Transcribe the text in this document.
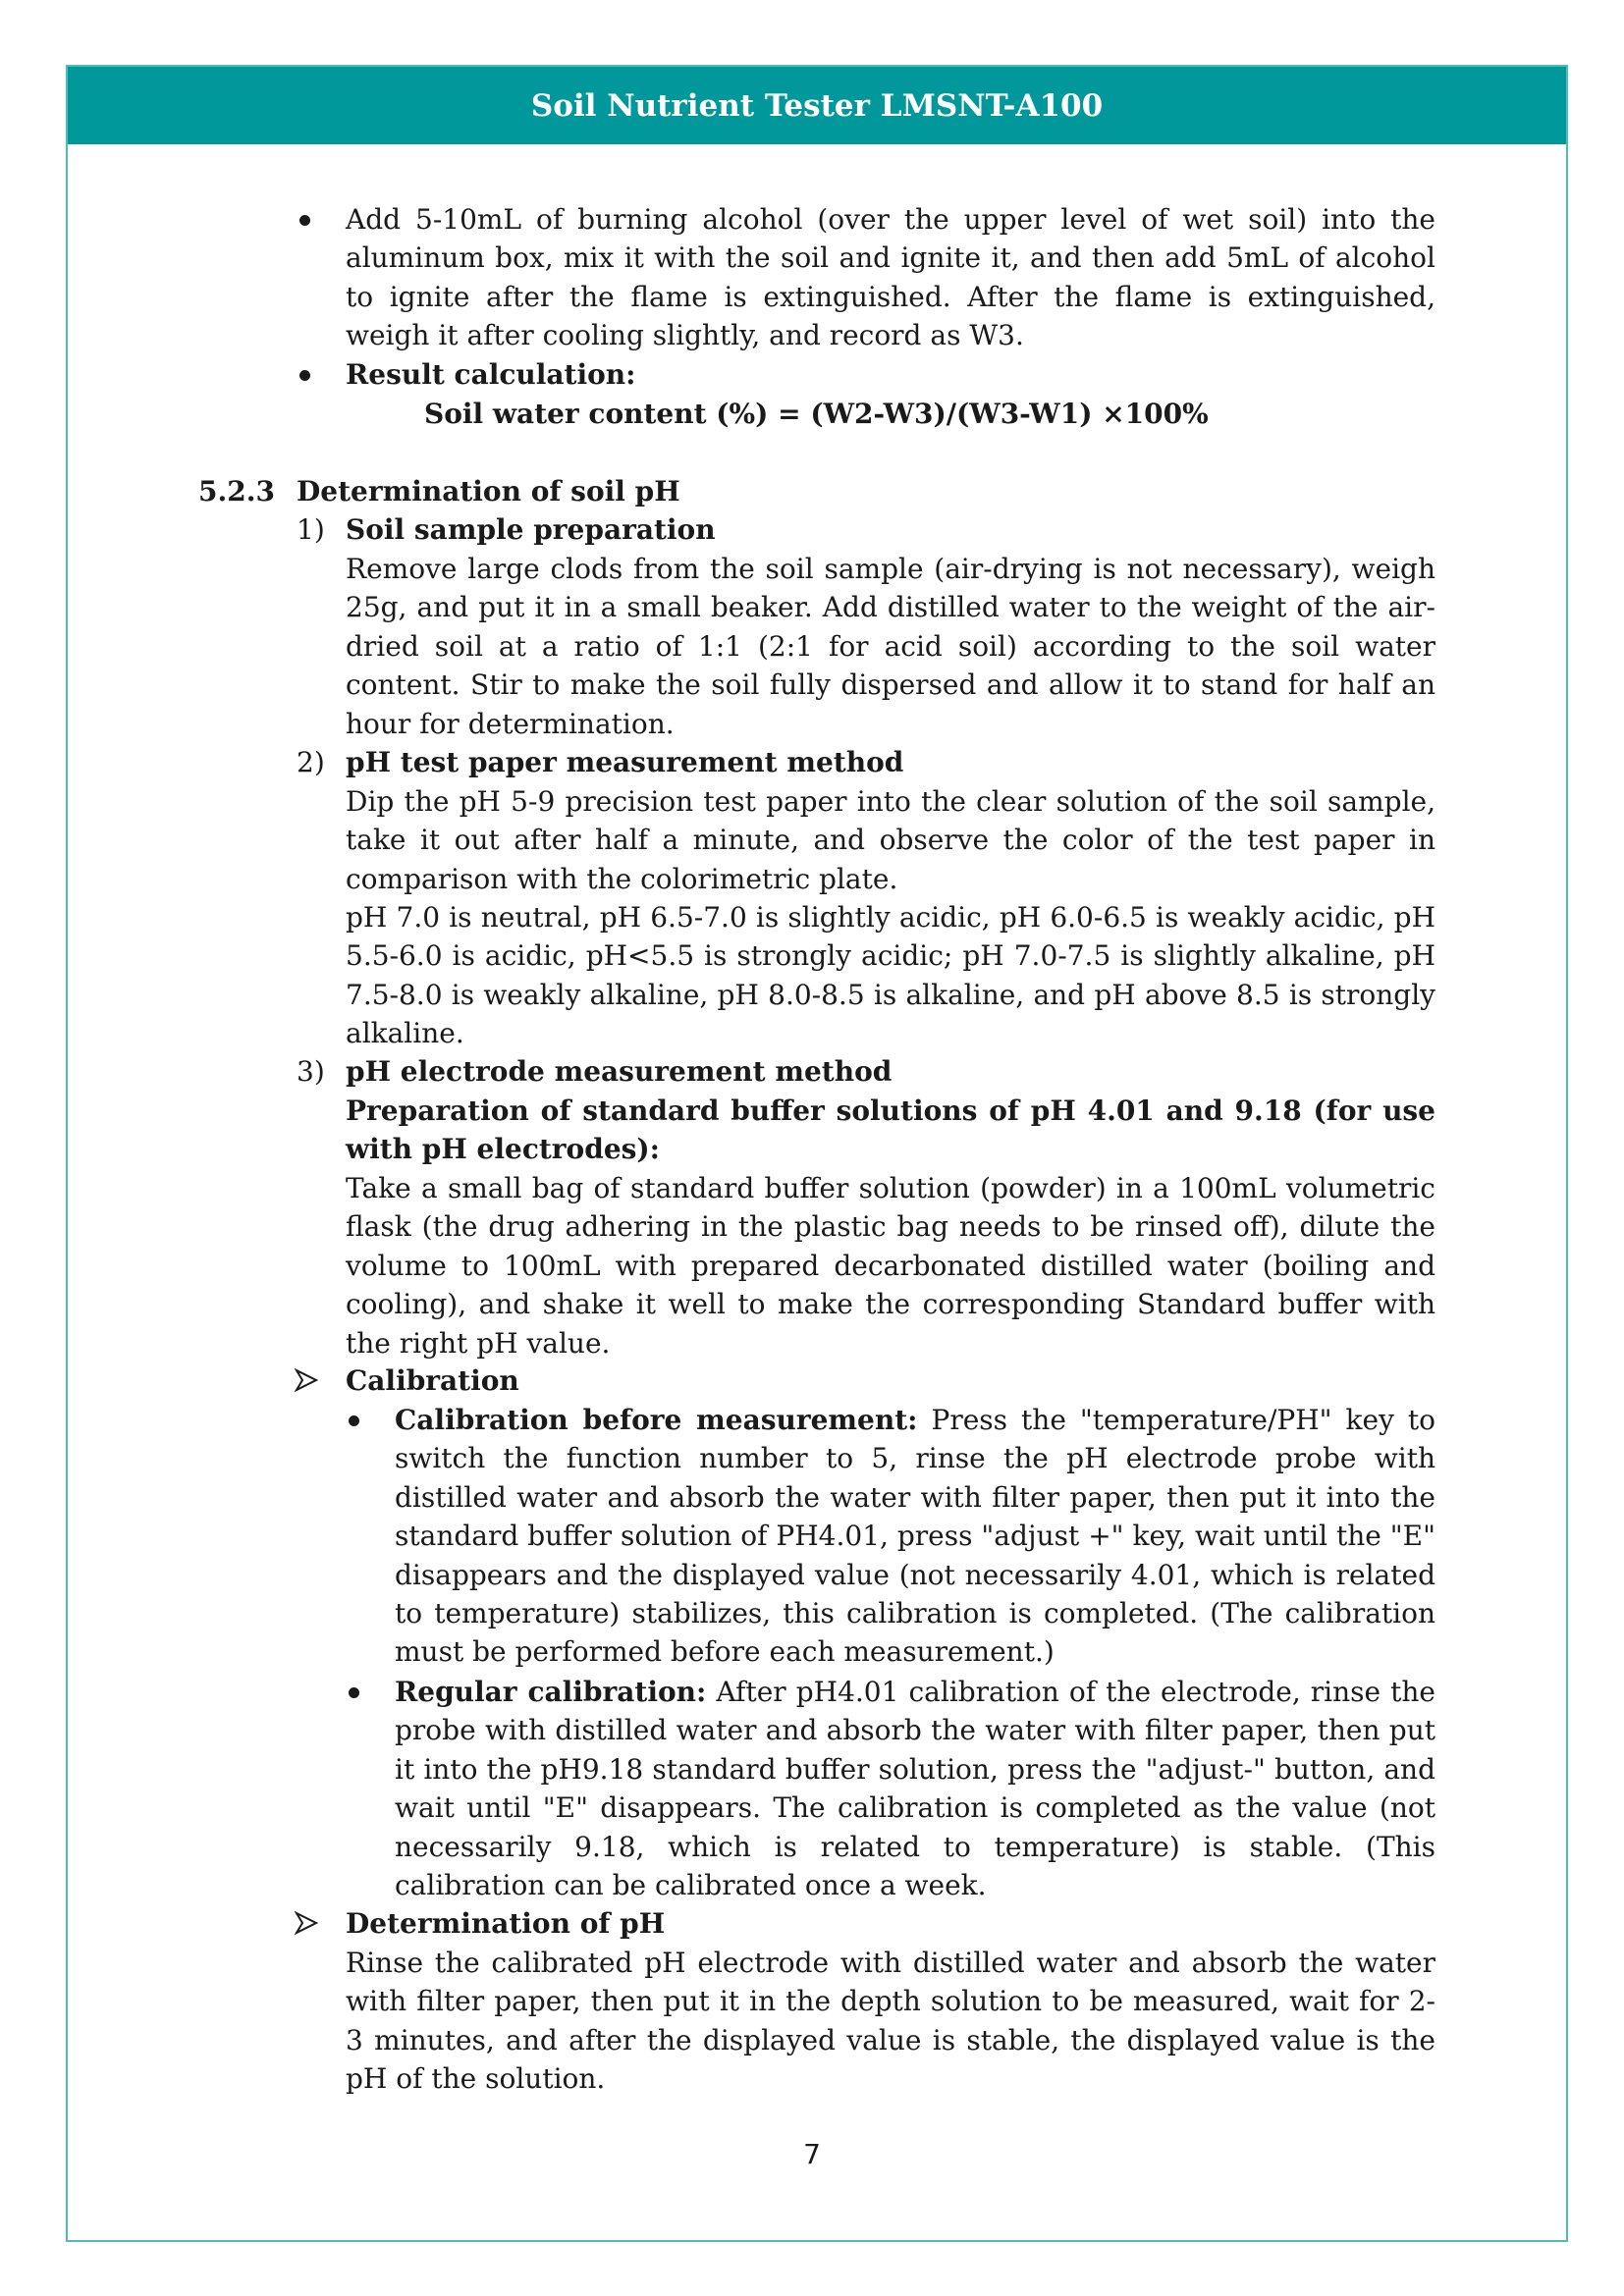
Soil Nutrient Tester LMSNT-A100
Add 5-10mL of burning alcohol (over the upper level of wet soil) into the aluminum box, mix it with the soil and ignite it, and then add 5mL of alcohol to ignite after the flame is extinguished. After the flame is extinguished, weigh it after cooling slightly, and record as W3.
Result calculation:
Soil water content (%) = (W2-W3)/(W3-W1) ×100%
5.2.3 Determination of soil pH
1) Soil sample preparation
Remove large clods from the soil sample (air-drying is not necessary), weigh 25g, and put it in a small beaker. Add distilled water to the weight of the air-dried soil at a ratio of 1:1 (2:1 for acid soil) according to the soil water content. Stir to make the soil fully dispersed and allow it to stand for half an hour for determination.
2) pH test paper measurement method
Dip the pH 5-9 precision test paper into the clear solution of the soil sample, take it out after half a minute, and observe the color of the test paper in comparison with the colorimetric plate.
pH 7.0 is neutral, pH 6.5-7.0 is slightly acidic, pH 6.0-6.5 is weakly acidic, pH 5.5-6.0 is acidic, pH<5.5 is strongly acidic; pH 7.0-7.5 is slightly alkaline, pH 7.5-8.0 is weakly alkaline, pH 8.0-8.5 is alkaline, and pH above 8.5 is strongly alkaline.
3) pH electrode measurement method
Preparation of standard buffer solutions of pH 4.01 and 9.18 (for use with pH electrodes):
Take a small bag of standard buffer solution (powder) in a 100mL volumetric flask (the drug adhering in the plastic bag needs to be rinsed off), dilute the volume to 100mL with prepared decarbonated distilled water (boiling and cooling), and shake it well to make the corresponding Standard buffer with the right pH value.
Calibration
Calibration before measurement: Press the "temperature/PH" key to switch the function number to 5, rinse the pH electrode probe with distilled water and absorb the water with filter paper, then put it into the standard buffer solution of PH4.01, press "adjust +" key, wait until the "E" disappears and the displayed value (not necessarily 4.01, which is related to temperature) stabilizes, this calibration is completed. (The calibration must be performed before each measurement.)
Regular calibration: After pH4.01 calibration of the electrode, rinse the probe with distilled water and absorb the water with filter paper, then put it into the pH9.18 standard buffer solution, press the "adjust-" button, and wait until "E" disappears. The calibration is completed as the value (not necessarily 9.18, which is related to temperature) is stable. (This calibration can be calibrated once a week.
Determination of pH
Rinse the calibrated pH electrode with distilled water and absorb the water with filter paper, then put it in the depth solution to be measured, wait for 2-3 minutes, and after the displayed value is stable, the displayed value is the pH of the solution.
7
